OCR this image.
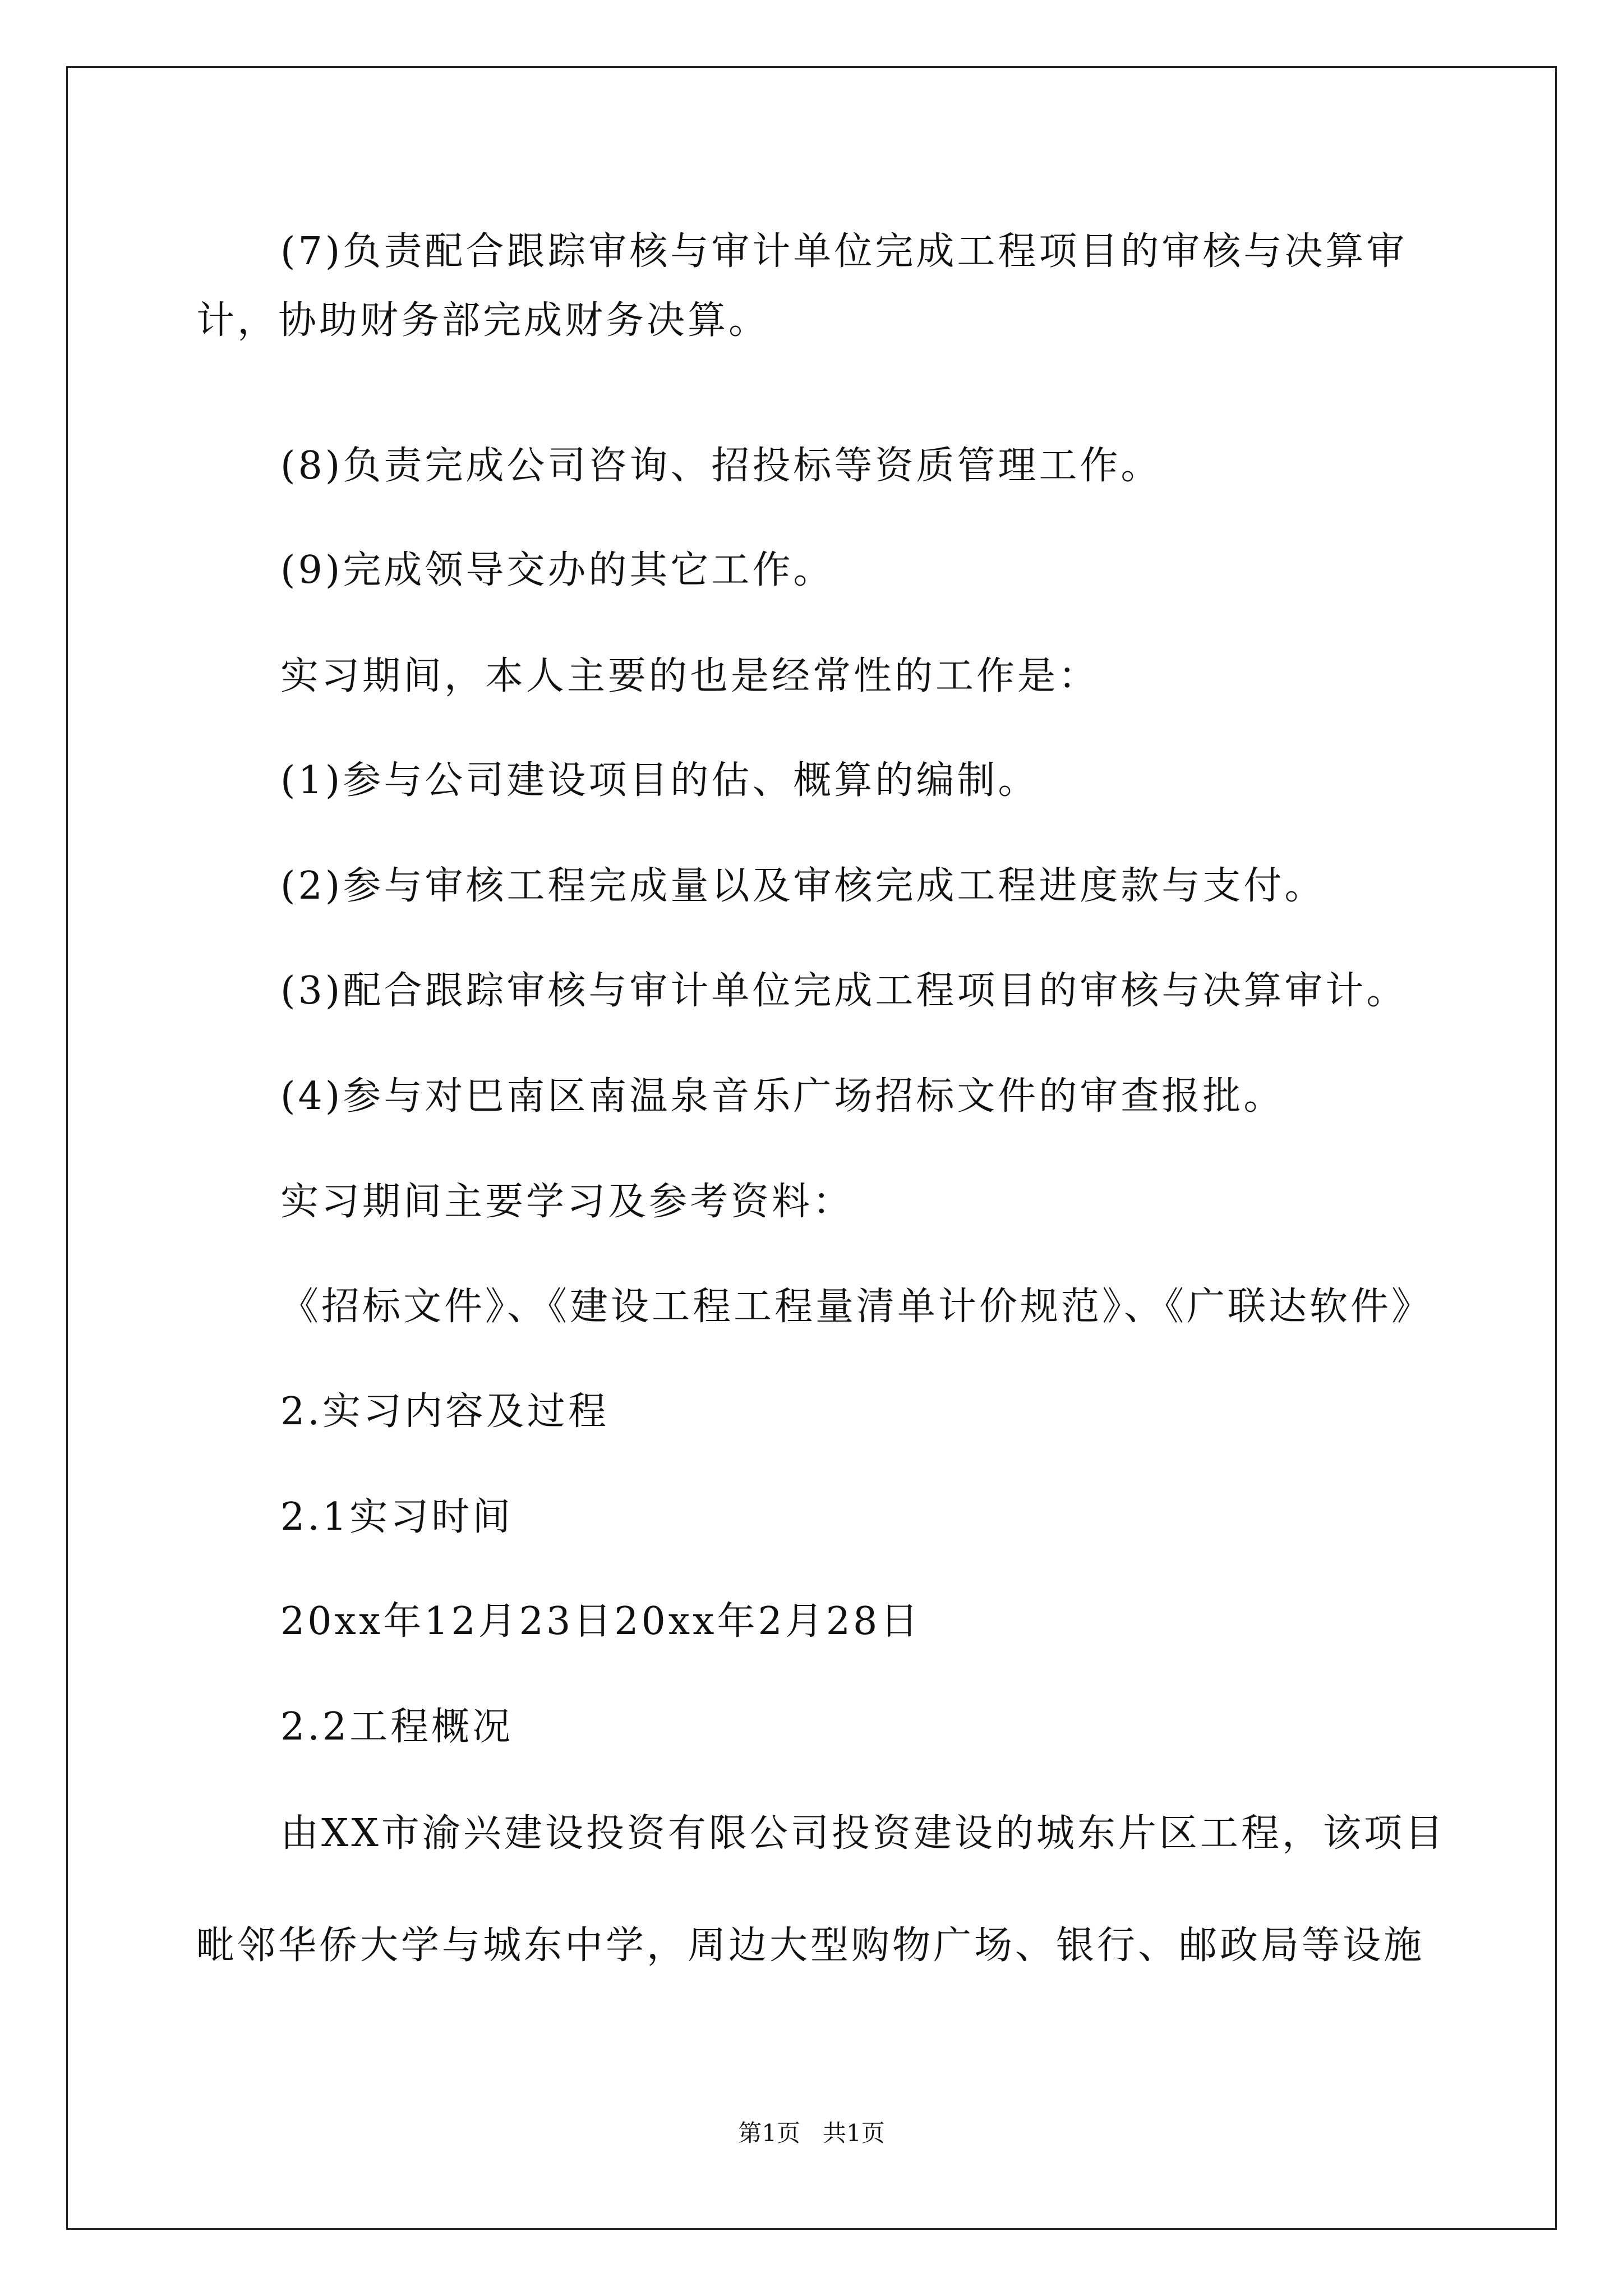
(7)负责配合跟踪审核与审计单位完成工程项目的审核与决算审
计，协助财务部完成财务决算。
(8)负责完成公司咨询、招投标等资质管理工作。
(9)完成领导交办的其它工作。
实习期间，本人主要的也是经常性的工作是：
(1)参与公司建设项目的估、概算的编制。
(2)参与审核工程完成量以及审核完成工程进度款与支付。
(3)配合跟踪审核与审计单位完成工程项目的审核与决算审计。
(4)参与对巴南区南温泉音乐广场招标文件的审查报批。
实习期间主要学习及参考资料：
《招标文件》、《建设工程工程量清单计价规范》、《广联达软件》
2.实习内容及过程
2.1实习时间
20xx年12月23日20xx年2月28日
2.2工程概况
由XX市渝兴建设投资有限公司投资建设的城东片区工程，该项目
毗邻华侨大学与城东中学，周边大型购物广场、银行、邮政局等设施
第1页   共1页
